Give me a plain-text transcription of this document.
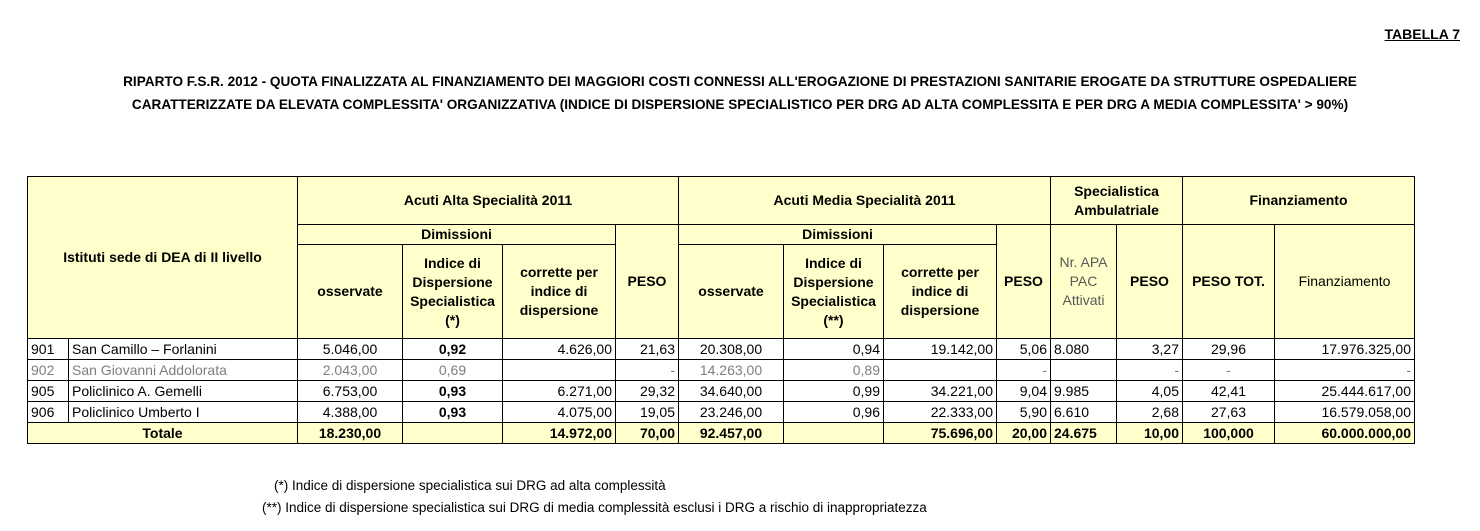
TABELLA 7
RIPARTO F.S.R. 2012 - QUOTA FINALIZZATA AL FINANZIAMENTO DEI MAGGIORI COSTI CONNESSI ALL'EROGAZIONE DI PRESTAZIONI SANITARIE EROGATE DA STRUTTURE OSPEDALIERE
CARATTERIZZATE DA ELEVATA COMPLESSITA' ORGANIZZATIVA (INDICE DI DISPERSIONE SPECIALISTICO PER DRG AD ALTA COMPLESSITA E PER DRG A MEDIA COMPLESSITA' > 90%)
Istituti sede di DEA di II livello		Acuti Alta Specialità 2011				Acuti Media Specialità 2011				Specialistica Ambulatriale		Finanziamento	
		Dimissioni			PESO	Dimissioni			PESO	Nr. APA PAC Attivati	PESO	PESO TOT.	Finanziamento
		osservate	Indice di Dispersione Specialistica (*)	corrette per indice di dispersione		osservate	Indice di Dispersione Specialistica (**)	corrette per indice di dispersione					
901	San Camillo – Forlanini	5.046,00	0,92	4.626,00	21,63	20.308,00	0,94	19.142,00	5,06	8.080	3,27	29,96	17.976.325,00
902	San Giovanni Addolorata	2.043,00	0,69		-	14.263,00	0,89		-		-	-	-
905	Policlinico A. Gemelli	6.753,00	0,93	6.271,00	29,32	34.640,00	0,99	34.221,00	9,04	9.985	4,05	42,41	25.444.617,00
906	Policlinico Umberto I	4.388,00	0,93	4.075,00	19,05	23.246,00	0,96	22.333,00	5,90	6.610	2,68	27,63	16.579.058,00
Totale		18.230,00		14.972,00	70,00	92.457,00		75.696,00	20,00	24.675	10,00	100,000	60.000.000,00
(*) Indice di dispersione specialistica sui DRG ad alta complessità
(**) Indice di dispersione specialistica sui DRG di media complessità esclusi i DRG a rischio di inappropriatezza
